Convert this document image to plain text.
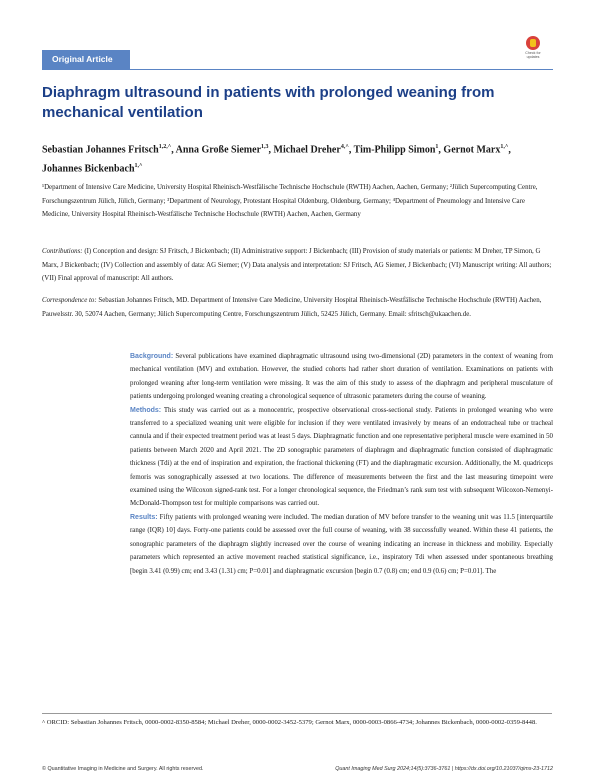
Original Article
Check for updates
Diaphragm ultrasound in patients with prolonged weaning from mechanical ventilation

Sebastian Johannes Fritsch$^{1,2,\^{}}$, Anna Große Siemer$^{1,3}$, Michael Dreher$^{4,\^{}}$, Tim-Philipp Simon$^1$, Gernot Marx$^{1,\^{}}$, Johannes Bickenbach$^{1,\^{}}$

¹Department of Intensive Care Medicine, University Hospital Rheinisch-Westfälische Technische Hochschule (RWTH) Aachen, Aachen, Germany; ²Jülich Supercomputing Centre, Forschungszentrum Jülich, Jülich, Germany; ³Department of Neurology, Protestant Hospital Oldenburg, Oldenburg, Germany; ⁴Department of Pneumology and Intensive Care Medicine, University Hospital Rheinisch-Westfälische Technische Hochschule (RWTH) Aachen, Aachen, Germany
Contributions: (I) Conception and design: SJ Fritsch, J Bickenbach; (II) Administrative support: J Bickenbach; (III) Provision of study materials or patients: M Dreher, TP Simon, G Marx, J Bickenbach; (IV) Collection and assembly of data: AG Siemer; (V) Data analysis and interpretation: SJ Fritsch, AG Siemer, J Bickenbach; (VI) Manuscript writing: All authors; (VII) Final approval of manuscript: All authors.
Correspondence to: Sebastian Johannes Fritsch, MD. Department of Intensive Care Medicine, University Hospital Rheinisch-Westfälische Technische Hochschule (RWTH) Aachen, Pauwelsstr. 30, 52074 Aachen, Germany; Jülich Supercomputing Centre, Forschungszentrum Jülich, 52425 Jülich, Germany. Email: sfritsch@ukaachen.de.

Background: Several publications have examined diaphragmatic ultrasound using two-dimensional (2D) parameters in the context of weaning from mechanical ventilation (MV) and extubation. However, the studied cohorts had rather short duration of ventilation. Examinations on patients with prolonged weaning after long-term ventilation were missing. It was the aim of this study to assess of the diaphragm and peripheral musculature of patients undergoing prolonged weaning creating a chronological sequence of ultrasonic parameters during the course of weaning.

Methods: This study was carried out as a monocentric, prospective observational cross-sectional study. Patients in prolonged weaning who were transferred to a specialized weaning unit were eligible for inclusion if they were ventilated invasively by means of an endotracheal tube or tracheal cannula and if their expected treatment period was at least 5 days. Diaphragmatic function and one representative peripheral muscle were examined in 50 patients between March 2020 and April 2021. The 2D sonographic parameters of diaphragm and diaphragmatic function consisted of diaphragmatic thickness (Tdi) at the end of inspiration and expiration, the fractional thickening (FT) and the diaphragmatic excursion. Additionally, the M. quadriceps femoris was sonographically assessed at two locations. The difference of measurements between the first and the last measuring timepoint were examined using the Wilcoxon signed-rank test. For a longer chronological sequence, the Friedman’s rank sum test with subsequent Wilcoxon-Nemenyi-McDonald-Thompson test for multiple comparisons was carried out.

Results: Fifty patients with prolonged weaning were included. The median duration of MV before transfer to the weaning unit was 11.5 [interquartile range (IQR) 10] days. Forty-one patients could be assessed over the full course of weaning, with 38 successfully weaned. Within these 41 patients, the sonographic parameters of the diaphragm slightly increased over the course of weaning indicating an increase in thickness and mobility. Especially parameters which represented an active movement reached statistical significance, i.e., inspiratory Tdi when assessed under spontaneous breathing [begin 3.41 (0.99) cm; end 3.43 (1.31) cm; P=0.01] and diaphragmatic excursion [begin 0.7 (0.8) cm; end 0.9 (0.6) cm; P=0.01]. The

^ ORCID: Sebastian Johannes Fritsch, 0000-0002-8350-8584; Michael Dreher, 0000-0002-3452-5379; Gernot Marx, 0000-0003-0866-4734; Johannes Bickenbach, 0000-0002-0359-8448.
© Quantitative Imaging in Medicine and Surgery. All rights reserved.	Quant Imaging Med Surg 2024;14(5):3736-3761 | https://dx.doi.org/10.21037/qims-23-1712
